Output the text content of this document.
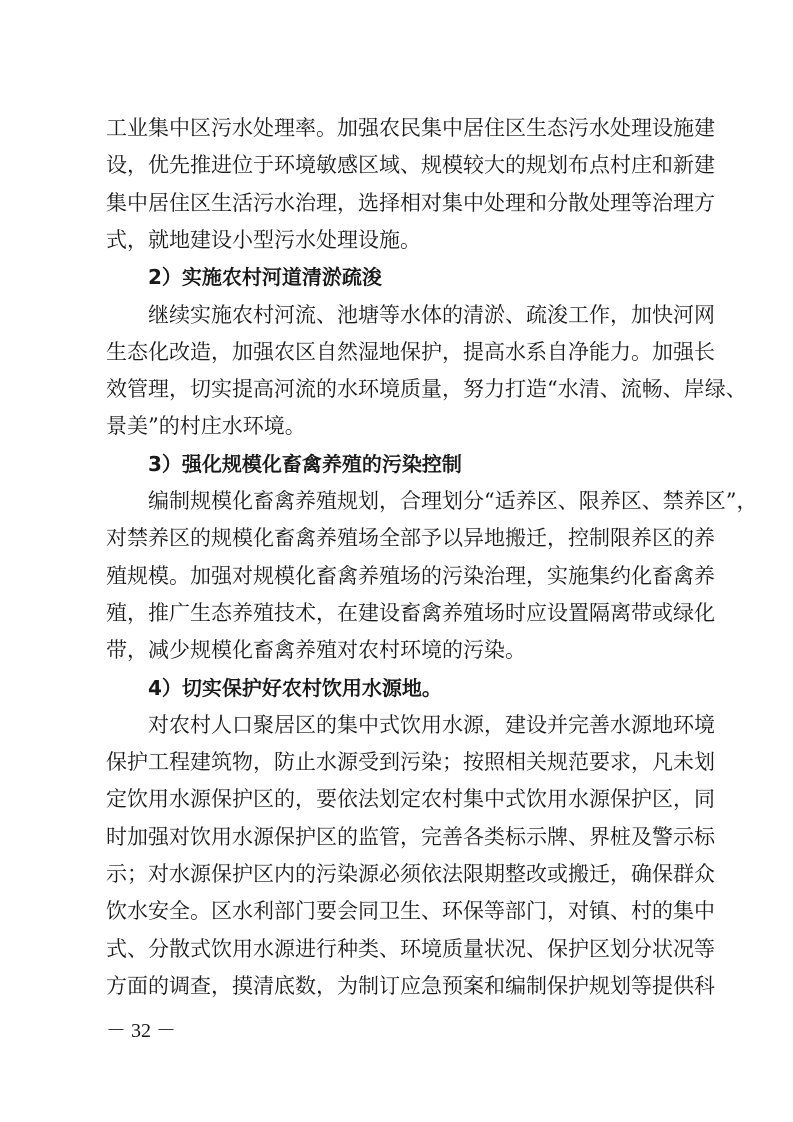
工业集中区污水处理率。加强农民集中居住区生态污水处理设施建
设，优先推进位于环境敏感区域、规模较大的规划布点村庄和新建
集中居住区生活污水治理，选择相对集中处理和分散处理等治理方
式，就地建设小型污水处理设施。
2）实施农村河道清淤疏浚
继续实施农村河流、池塘等水体的清淤、疏浚工作，加快河网
生态化改造，加强农区自然湿地保护，提高水系自净能力。加强长
效管理，切实提高河流的水环境质量，努力打造“水清、流畅、岸绿、
景美”的村庄水环境。
3）强化规模化畜禽养殖的污染控制
编制规模化畜禽养殖规划，合理划分“适养区、限养区、禁养区”，
对禁养区的规模化畜禽养殖场全部予以异地搬迁，控制限养区的养
殖规模。加强对规模化畜禽养殖场的污染治理，实施集约化畜禽养
殖，推广生态养殖技术，在建设畜禽养殖场时应设置隔离带或绿化
带，减少规模化畜禽养殖对农村环境的污染。
4）切实保护好农村饮用水源地。
对农村人口聚居区的集中式饮用水源，建设并完善水源地环境
保护工程建筑物，防止水源受到污染；按照相关规范要求，凡未划
定饮用水源保护区的，要依法划定农村集中式饮用水源保护区，同
时加强对饮用水源保护区的监管，完善各类标示牌、界桩及警示标
示；对水源保护区内的污染源必须依法限期整改或搬迁，确保群众
饮水安全。区水利部门要会同卫生、环保等部门，对镇、村的集中
式、分散式饮用水源进行种类、环境质量状况、保护区划分状况等
方面的调查，摸清底数，为制订应急预案和编制保护规划等提供科
－ 32 －
